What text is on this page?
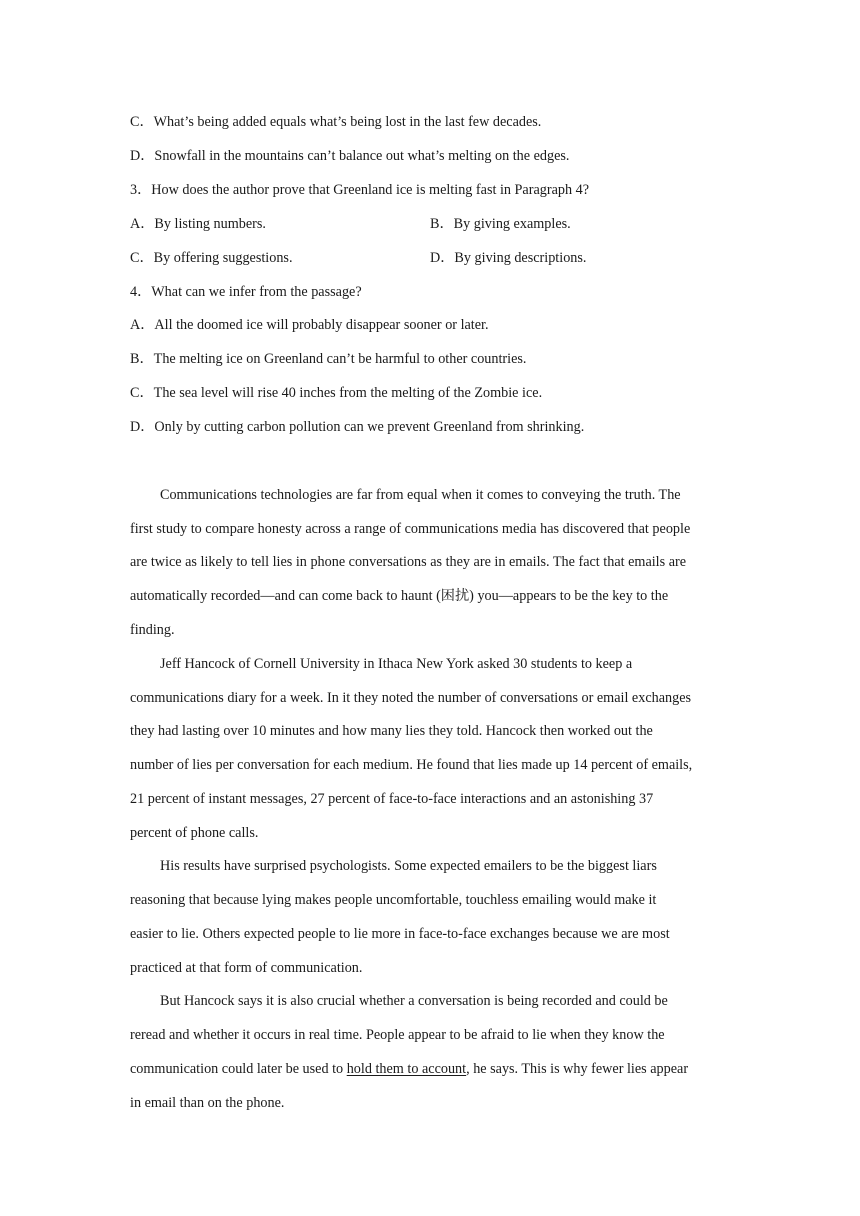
C．What’s being added equals what’s being lost in the last few decades.
D．Snowfall in the mountains can’t balance out what’s melting on the edges.
3．How does the author prove that Greenland ice is melting fast in Paragraph 4?
A．By listing numbers.	B．By giving examples.
C．By offering suggestions.	D．By giving descriptions.
4．What can we infer from the passage?
A．All the doomed ice will probably disappear sooner or later.
B．The melting ice on Greenland can’t be harmful to other countries.
C．The sea level will rise 40 inches from the melting of the Zombie ice.
D．Only by cutting carbon pollution can we prevent Greenland from shrinking.
Communications technologies are far from equal when it comes to conveying the truth. The
first study to compare honesty across a range of communications media has discovered that people
are twice as likely to tell lies in phone conversations as they are in emails. The fact that emails are
automatically recorded—and can come back to haunt (困扰) you—appears to be the key to the
finding.
Jeff Hancock of Cornell University in Ithaca New York asked 30 students to keep a
communications diary for a week. In it they noted the number of conversations or email exchanges
they had lasting over 10 minutes and how many lies they told. Hancock then worked out the
number of lies per conversation for each medium. He found that lies made up 14 percent of emails,
21 percent of instant messages, 27 percent of face-to-face interactions and an astonishing 37
percent of phone calls.
His results have surprised psychologists. Some expected emailers to be the biggest liars
reasoning that because lying makes people uncomfortable, touchless emailing would make it
easier to lie. Others expected people to lie more in face-to-face exchanges because we are most
practiced at that form of communication.
But Hancock says it is also crucial whether a conversation is being recorded and could be
reread and whether it occurs in real time. People appear to be afraid to lie when they know the
communication could later be used to hold them to account, he says. This is why fewer lies appear
in email than on the phone.
